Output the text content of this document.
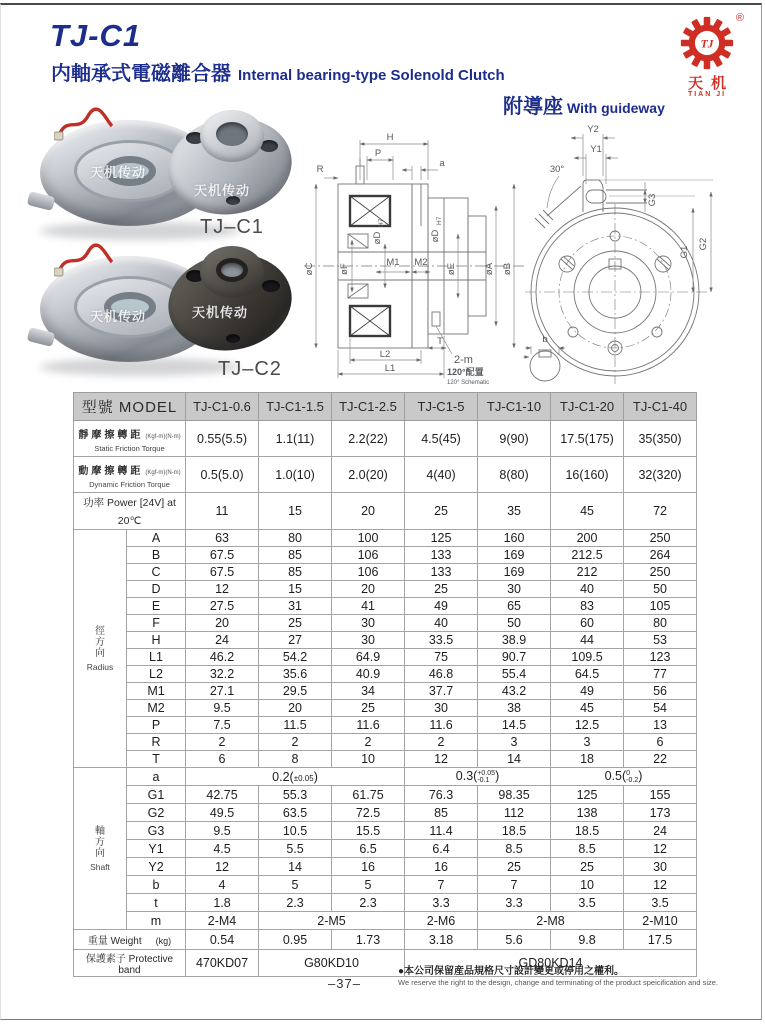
TJ-C1
内軸承式電磁離合器 Internal bearing-type Solenold Clutch
附導座 With guideway
®
TJ
天机
TIAN JI
天机传动
天机传动
TJ–C1
天机传动	天机传动
TJ–C2
H
P
R
a
øC	øF
øD
H7
øD
H7
M1 M2
øE	øA øB
L2
L1
T
2-m
120°配置
120° Schematic
Y2
Y1
30°
G3
G1
G2
b
型號 MODEL		TJ-C1-0.6	TJ-C1-1.5	TJ-C1-2.5	TJ-C1-5	TJ-C1-10	TJ-C1-20	TJ-C1-40
靜摩擦轉距 (Kgf-m)(N-m)
Static Friction Torque		0.55(5.5)	1.1(11)	2.2(22)	4.5(45)	9(90)	17.5(175)	35(350)
動摩擦轉距 (Kgf-m)(N-m)
Dynamic Friction Torque		0.5(5.0)	1.0(10)	2.0(20)	4(40)	8(80)	16(160)	32(320)
功率 Power [24V] at 20℃		11	15	20	25	35	45	72

徑
方
向
Radius	A	63	80	100	125	160	200	250
	B	67.5	85	106	133	169	212.5	264
	C	67.5	85	106	133	169	212	250
	D	12	15	20	25	30	40	50
	E	27.5	31	41	49	65	83	105
	F	20	25	30	40	50	60	80
	H	24	27	30	33.5	38.9	44	53
	L1	46.2	54.2	64.9	75	90.7	109.5	123
	L2	32.2	35.6	40.9	46.8	55.4	64.5	77
	M1	27.1	29.5	34	37.7	43.2	49	56
	M2	9.5	20	25	30	38	45	54
	P	7.5	11.5	11.6	11.6	14.5	12.5	13
	R	2	2	2	2	3	3	6
	T	6	8	10	12	14	18	22

軸
方
向
Shaft
	a	0.2(±0.05)	0.3( +0.05
-0.1 )	0.5( 0
-0.2 )
	G1	42.75	55.3	61.75	76.3	98.35	125	155
	G2	49.5	63.5	72.5	85	112	138	173
	G3	9.5	10.5	15.5	11.4	18.5	18.5	24
	Y1	4.5	5.5	6.5	6.4	8.5	8.5	12
	Y2	12	14	16	16	25	25	30
	b	4	5	5	7	7	10	12
	t	1.8	2.3	2.3	3.3	3.3	3.5	3.5
	m	2-M4	2-M5		2-M6	2-M8		2-M10
重量 Weight (kg)		0.54	0.95	1.73	3.18	5.6	9.8	17.5
保護素子 Protective band		470KD07	G80KD10		GD80KD14			
–37–
●本公司保留産品規格尺寸設計變更或停用之權利。
We reserve the right to the design, change and terminating of the product speicification and size.
